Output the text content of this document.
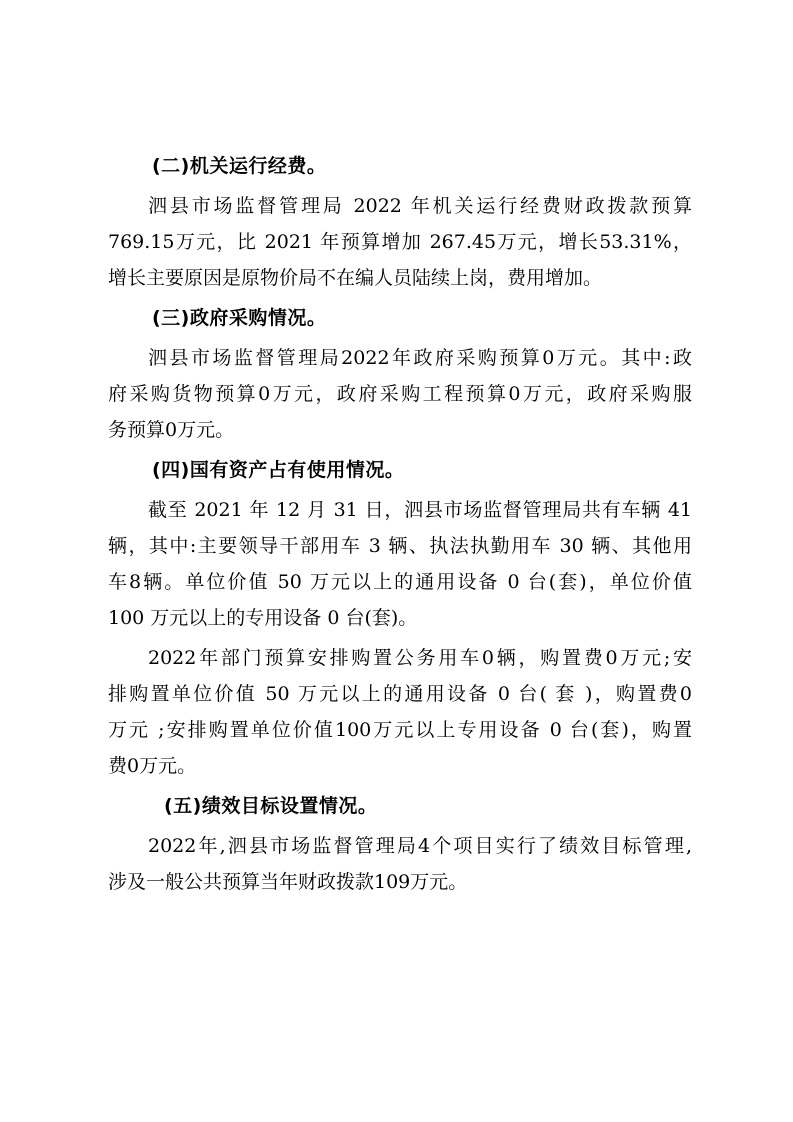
(二)机关运行经费。
泗县市场监督管理局 2022 年机关运行经费财政拨款预算
769.15万元，比 2021 年预算增加 267.45万元，增长53.31%，
增长主要原因是原物价局不在编人员陆续上岗，费用增加。
(三)政府采购情况。
泗县市场监督管理局2022年政府采购预算0万元。其中:政
府采购货物预算0万元，政府采购工程预算0万元，政府采购服
务预算0万元。
(四)国有资产占有使用情况。
截至 2021 年 12 月 31 日，泗县市场监督管理局共有车辆 41
辆，其中:主要领导干部用车 3 辆、执法执勤用车 30 辆、其他用
车8辆。单位价值 50 万元以上的通用设备 0 台(套)，单位价值
100 万元以上的专用设备 0 台(套)。
2022年部门预算安排购置公务用车0辆，购置费0万元;安
排购置单位价值 50 万元以上的通用设备 0 台( 套 )，购置费0
万元 ;安排购置单位价值100万元以上专用设备 0 台(套)，购置
费0万元。
(五)绩效目标设置情况。
2022年,泗县市场监督管理局4个项目实行了绩效目标管理,
涉及一般公共预算当年财政拨款109万元。
